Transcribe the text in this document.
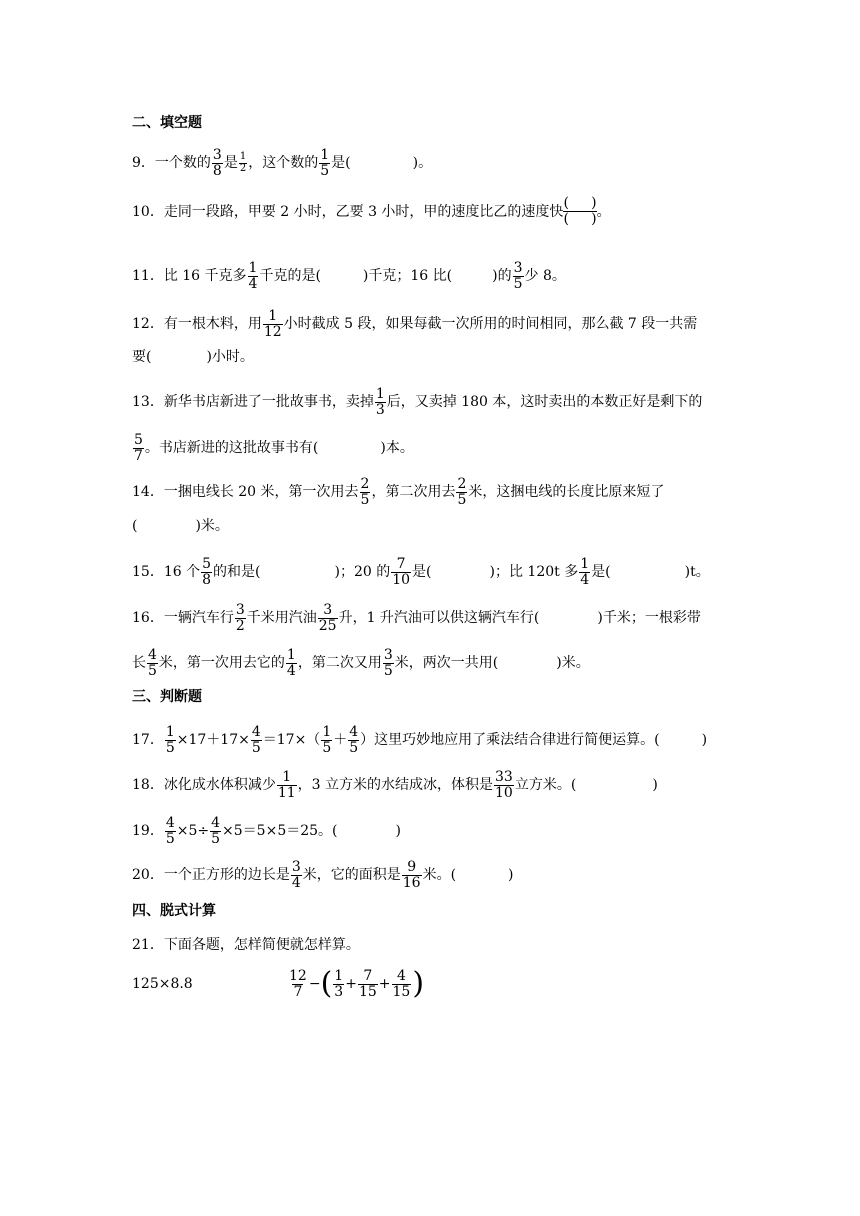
二、填空题
9．一个数的 $\frac{3}{8}$ 是 $\frac{1}{2}$ ，这个数的 $\frac{1}{5}$ 是(	)。
10．走同一段路，甲要 2 小时，乙要 3 小时，甲的速度比乙的速度快 $\frac{( )}{( )}$ 。
11．比 16 千克多 $\frac{1}{4}$ 千克的是(	)千克；16 比(	)的 $\frac{3}{5}$ 少 8。
12．有一根木料，用 $\frac{1}{12}$ 小时截成 5 段，如果每截一次所用的时间相同，那么截 7 段一共需
要(	)小时。
13．新华书店新进了一批故事书，卖掉 $\frac{1}{3}$ 后，又卖掉 180 本，这时卖出的本数正好是剩下的
$\frac{5}{7}$ 。书店新进的这批故事书有(	)本。
14．一捆电线长 20 米，第一次用去 $\frac{2}{5}$ ，第二次用去 $\frac{2}{5}$ 米，这捆电线的长度比原来短了
(	)米。
15．16 个 $\frac{5}{8}$ 的和是(	)；20 的 $\frac{7}{10}$ 是(	)；比 120t 多 $\frac{1}{4}$ 是(	)t。
16．一辆汽车行 $\frac{3}{2}$ 千米用汽油 $\frac{3}{25}$ 升，1 升汽油可以供这辆汽车行(	)千米；一根彩带
长 $\frac{4}{5}$ 米，第一次用去它的 $\frac{1}{4}$ ，第二次又用 $\frac{3}{5}$ 米，两次一共用(	)米。
三、判断题
17． $\frac{1}{5} \times 17+17\times \frac{4}{5} =17\times( \frac{1}{5} + \frac{4}{5}$ ）这里巧妙地应用了乘法结合律进行简便运算。(	)
18．冰化成水体积减少 $\frac{1}{11}$ ，3 立方米的水结成冰，体积是 $\frac{33}{10}$ 立方米。(	)
19． $\frac{4}{5} \times 5\div \frac{4}{5} \times 5=5\times 5=25$。(	)
20．一个正方形的边长是 $\frac{3}{4}$ 米，它的面积是 $\frac{9}{16}$ 米。(	)
四、脱式计算
21．下面各题，怎样简便就怎样算。
125×8.8	$\frac{12}{7}$ −( $\frac{1}{3} + \frac{7}{15} + \frac{4}{15}$ )
